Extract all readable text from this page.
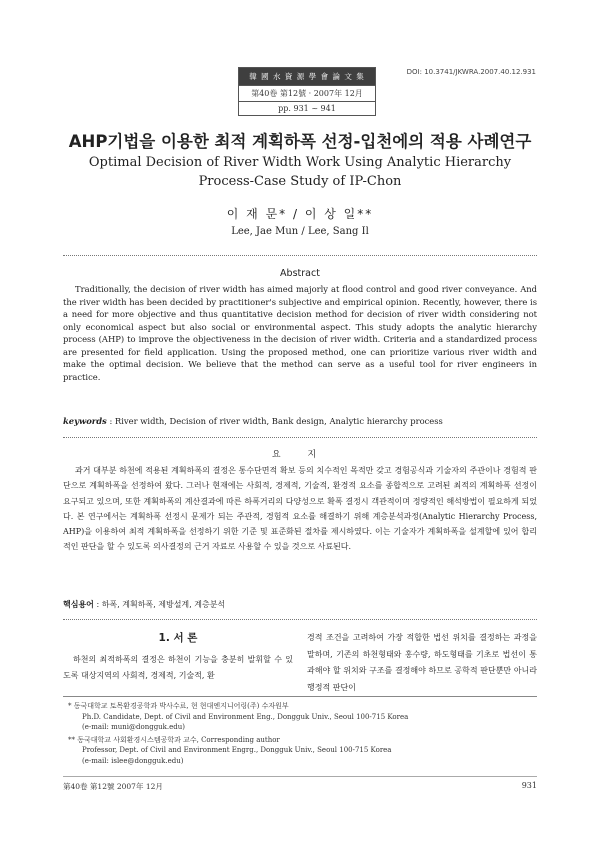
韓 國 水 資 源 學 會 論 文 集
第40卷 第12號 · 2007年 12月
pp. 931 ~ 941
DOI: 10.3741/JKWRA.2007.40.12.931
AHP기법을 이용한 최적 계획하폭 선정-입천에의 적용 사례연구
Optimal Decision of River Width Work Using Analytic Hierarchy
Process-Case Study of IP-Chon
이 재 문* / 이 상 일**
Lee, Jae Mun / Lee, Sang Il
Abstract

Traditionally, the decision of river width has aimed majorly at flood control and good river conveyance. And the river width has been decided by practitioner's subjective and empirical opinion. Recently, however, there is a need for more objective and thus quantitative decision method for decision of river width considering not only economical aspect but also social or environmental aspect. This study adopts the analytic hierarchy process (AHP) to improve the objectiveness in the decision of river width. Criteria and a standardized process are presented for field application. Using the proposed method, one can prioritize various river width and make the optimal decision. We believe that the method can serve as a useful tool for river engineers in practice.

keywords : River width, Decision of river width, Bank design, Analytic hierarchy process
요 지

과거 대부분 하천에 적용된 계획하폭의 결정은 통수단면적 확보 등의 치수적인 목적만 갖고 경험공식과 기술자의 주관이나 경험적 판단으로 계획하폭을 선정하여 왔다. 그러나 현재에는 사회적, 경제적, 기술적, 환경적 요소를 종합적으로 고려된 최적의 계획하폭 선정이 요구되고 있으며, 또한 계획하폭의 계산결과에 따른 하폭거리의 다양성으로 확폭 결정시 객관적이며 정량적인 해석방법이 필요하게 되었다. 본 연구에서는 계획하폭 선정시 문제가 되는 주관적, 경험적 요소를 해결하기 위해 계층분석과정(Analytic Hierarchy Process, AHP)을 이용하여 최적 계획하폭을 선정하기 위한 기준 및 표준화된 절차를 제시하였다. 이는 기술자가 계획하폭을 설계할에 있어 합리적인 판단을 할 수 있도록 의사결정의 근거 자료로 사용할 수 있을 것으로 사료된다.

핵심용어 : 하폭, 계획하폭, 제방설계, 계층분석
1. 서 론

하천의 최적하폭의 결정은 하천이 기능을 충분히 발휘할 수 있도록 대상지역의 사회적, 경제적, 기술적, 환

경적 조건을 고려하여 가장 적합한 법선 위치를 결정하는 과정을 말하며, 기존의 하천형태와 홍수량, 하도형태를 기초로 법선이 통과해야 할 위치와 구조를 결정해야 하므로 공학적 판단뿐만 아니라 행정적 판단이

* 동국대학교 토목환경공학과 박사수료, 현 현대엔지니어링(주) 수자원부
Ph.D. Candidate, Dept. of Civil and Environment Eng., Dongguk Univ., Seoul 100-715 Korea
(e-mail: muni@dongguk.edu)
** 동국대학교 사회환경시스템공학과 교수, Corresponding author
Professor, Dept. of Civil and Environment Engrg., Dongguk Univ., Seoul 100-715 Korea
(e-mail: islee@dongguk.edu)
第40卷 第12號 2007年 12月	931
